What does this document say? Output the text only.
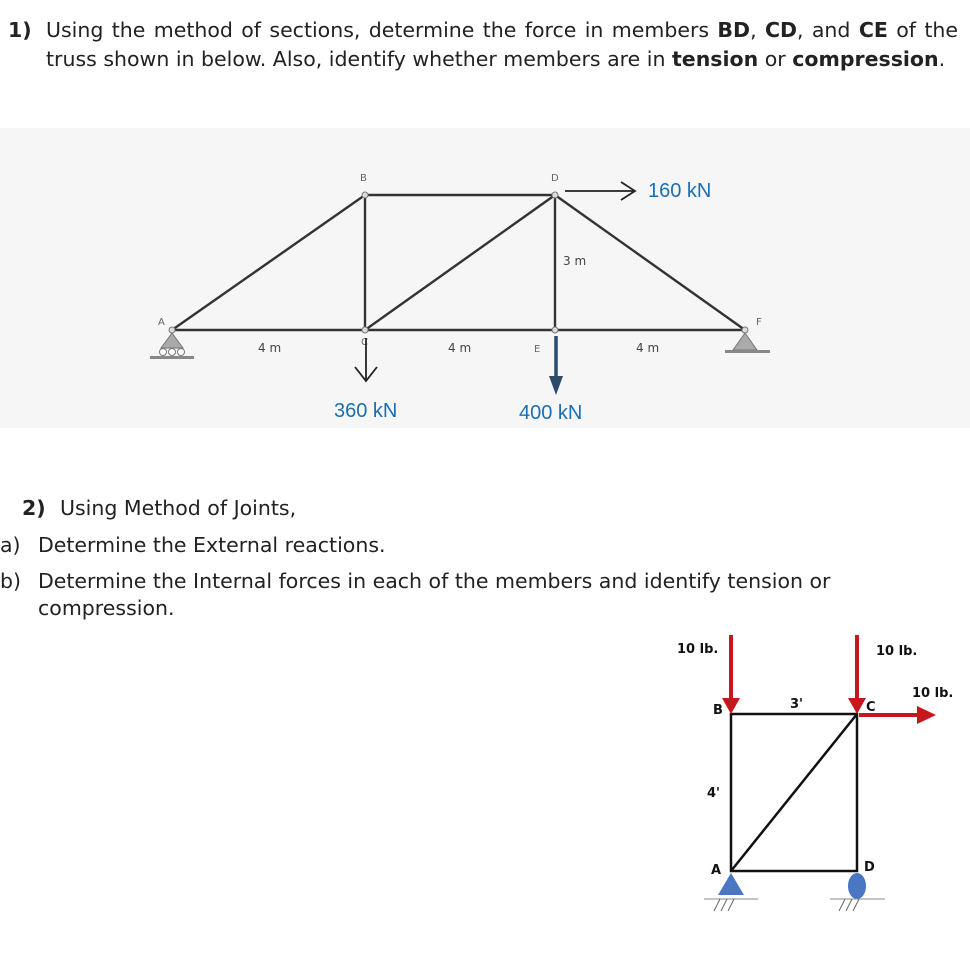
1) Using the method of sections, determine the force in members BD, CD, and CE of the truss shown in below. Also, identify whether members are in tension or compression.
A
B
C
D
E
F
4 m	4 m	4 m
3 m
160 kN
360 kN	400 kN
2) Using Method of Joints,
a) Determine the External reactions.
b) Determine the Internal forces in each of the members and identify tension or compression.
10 lb.	10 lb.
10 lb.
B	C
A	D
3'
4'
